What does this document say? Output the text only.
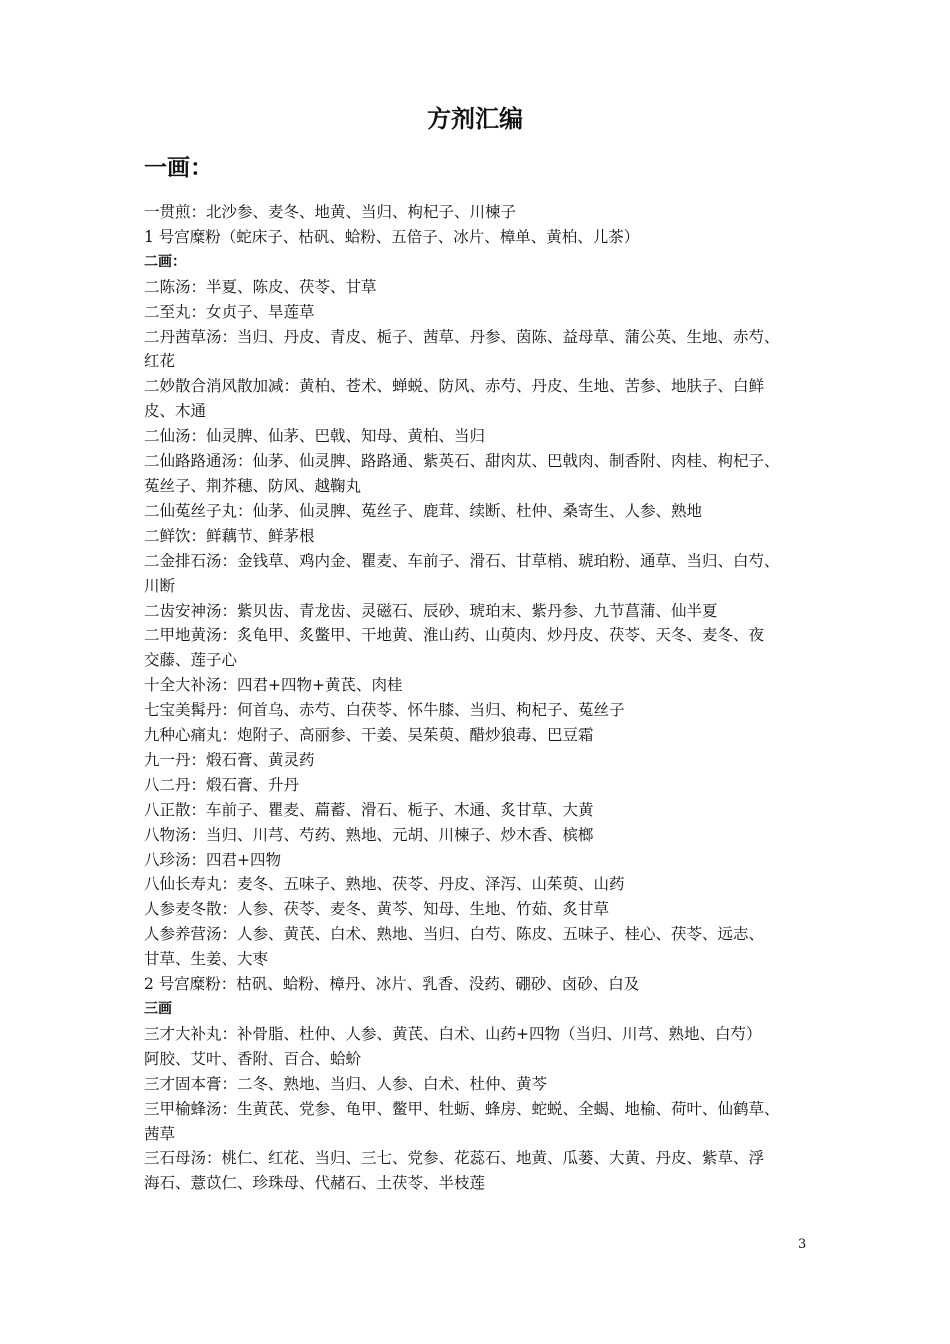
方剂汇编
一画：

一贯煎：北沙参、麦冬、地黄、当归、枸杞子、川楝子

1 号宫糜粉（蛇床子、枯矾、蛤粉、五倍子、冰片、樟单、黄柏、儿茶）

二画：

二陈汤：半夏、陈皮、茯苓、甘草

二至丸：女贞子、旱莲草

二丹茜草汤：当归、丹皮、青皮、栀子、茜草、丹参、茵陈、益母草、蒲公英、生地、赤芍、

红花

二妙散合消风散加减：黄柏、苍术、蝉蜕、防风、赤芍、丹皮、生地、苦参、地肤子、白鲜

皮、木通

二仙汤：仙灵脾、仙茅、巴戟、知母、黄柏、当归

二仙路路通汤：仙茅、仙灵脾、路路通、紫英石、甜肉苁、巴戟肉、制香附、肉桂、枸杞子、

菟丝子、荆芥穗、防风、越鞠丸

二仙菟丝子丸：仙茅、仙灵脾、菟丝子、鹿茸、续断、杜仲、桑寄生、人参、熟地

二鲜饮：鲜藕节、鲜茅根

二金排石汤：金钱草、鸡内金、瞿麦、车前子、滑石、甘草梢、琥珀粉、通草、当归、白芍、

川断

二齿安神汤：紫贝齿、青龙齿、灵磁石、辰砂、琥珀末、紫丹参、九节菖蒲、仙半夏

二甲地黄汤：炙龟甲、炙鳖甲、干地黄、淮山药、山萸肉、炒丹皮、茯苓、天冬、麦冬、夜

交藤、莲子心

十全大补汤：四君+四物+黄芪、肉桂

七宝美髯丹：何首乌、赤芍、白茯苓、怀牛膝、当归、枸杞子、菟丝子

九种心痛丸：炮附子、高丽参、干姜、吴茱萸、醋炒狼毒、巴豆霜

九一丹：煅石膏、黄灵药

八二丹：煅石膏、升丹

八正散：车前子、瞿麦、萹蓄、滑石、栀子、木通、炙甘草、大黄

八物汤：当归、川芎、芍药、熟地、元胡、川楝子、炒木香、槟榔

八珍汤：四君+四物

八仙长寿丸：麦冬、五味子、熟地、茯苓、丹皮、泽泻、山茱萸、山药

人参麦冬散：人参、茯苓、麦冬、黄芩、知母、生地、竹茹、炙甘草

人参养营汤：人参、黄芪、白术、熟地、当归、白芍、陈皮、五味子、桂心、茯苓、远志、

甘草、生姜、大枣

2 号宫糜粉：枯矾、蛤粉、樟丹、冰片、乳香、没药、硼砂、卤砂、白及

三画

三才大补丸：补骨脂、杜仲、人参、黄芪、白术、山药+四物（当归、川芎、熟地、白芍）

阿胶、艾叶、香附、百合、蛤蚧

三才固本膏：二冬、熟地、当归、人参、白术、杜仲、黄芩

三甲榆蜂汤：生黄芪、党参、龟甲、鳖甲、牡蛎、蜂房、蛇蜕、全蝎、地榆、荷叶、仙鹤草、

茜草

三石母汤：桃仁、红花、当归、三七、党参、花蕊石、地黄、瓜蒌、大黄、丹皮、紫草、浮

海石、薏苡仁、珍珠母、代赭石、土茯苓、半枝莲

3
